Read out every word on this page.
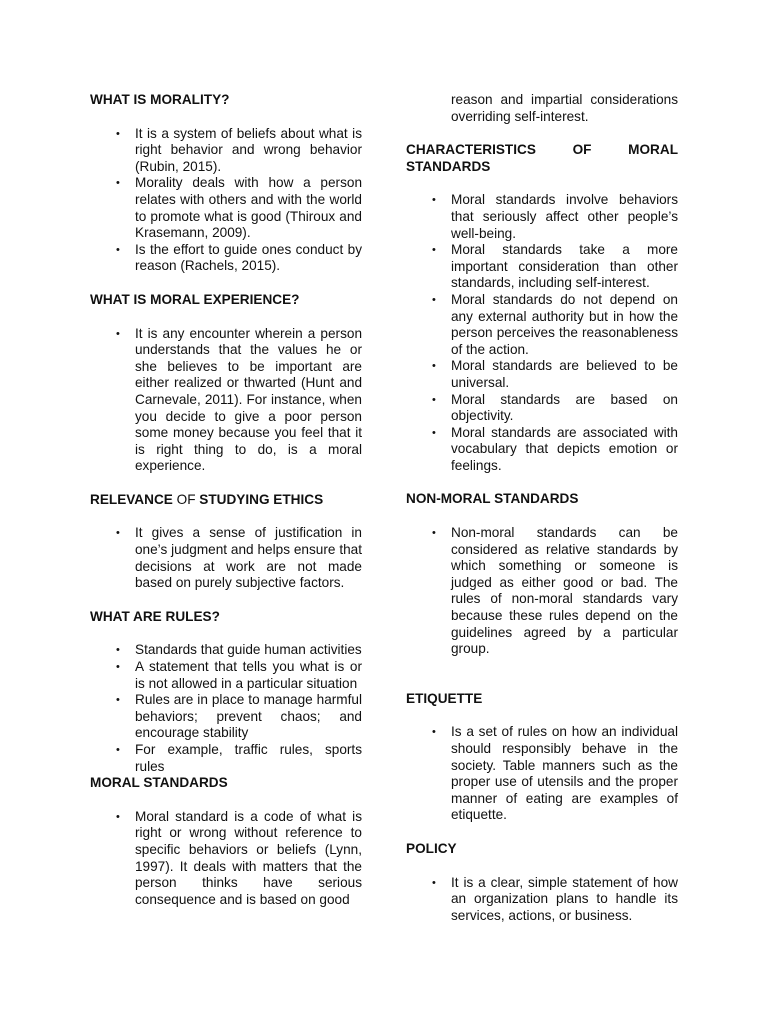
WHAT IS MORALITY?
• It is a system of beliefs about what is right behavior and wrong behavior (Rubin, 2015).
• Morality deals with how a person relates with others and with the world to promote what is good (Thiroux and Krasemann, 2009).
• Is the effort to guide ones conduct by reason (Rachels, 2015).
WHAT IS MORAL EXPERIENCE?
• It is any encounter wherein a person understands that the values he or she believes to be important are either realized or thwarted (Hunt and Carnevale, 2011). For instance, when you decide to give a poor person some money because you feel that it is right thing to do, is a moral experience.
RELEVANCE OF STUDYING ETHICS
• It gives a sense of justification in one’s judgment and helps ensure that decisions at work are not made based on purely subjective factors.
WHAT ARE RULES?
• Standards that guide human activities
• A statement that tells you what is or is not allowed in a particular situation
• Rules are in place to manage harmful behaviors; prevent chaos; and encourage stability
• For example, traffic rules, sports rules
MORAL STANDARDS
• Moral standard is a code of what is right or wrong without reference to specific behaviors or beliefs (Lynn, 1997). It deals with matters that the person thinks have serious consequence and is based on good
reason and impartial considerations overriding self-interest.
CHARACTERISTICS OF MORAL STANDARDS
• Moral standards involve behaviors that seriously affect other people’s well-being.
• Moral standards take a more important consideration than other standards, including self-interest.
• Moral standards do not depend on any external authority but in how the person perceives the reasonableness of the action.
• Moral standards are believed to be universal.
• Moral standards are based on objectivity.
• Moral standards are associated with vocabulary that depicts emotion or feelings.
NON-MORAL STANDARDS
• Non-moral standards can be considered as relative standards by which something or someone is judged as either good or bad. The rules of non-moral standards vary because these rules depend on the guidelines agreed by a particular group.
ETIQUETTE
• Is a set of rules on how an individual should responsibly behave in the society. Table manners such as the proper use of utensils and the proper manner of eating are examples of etiquette.
POLICY
• It is a clear, simple statement of how an organization plans to handle its services, actions, or business.
